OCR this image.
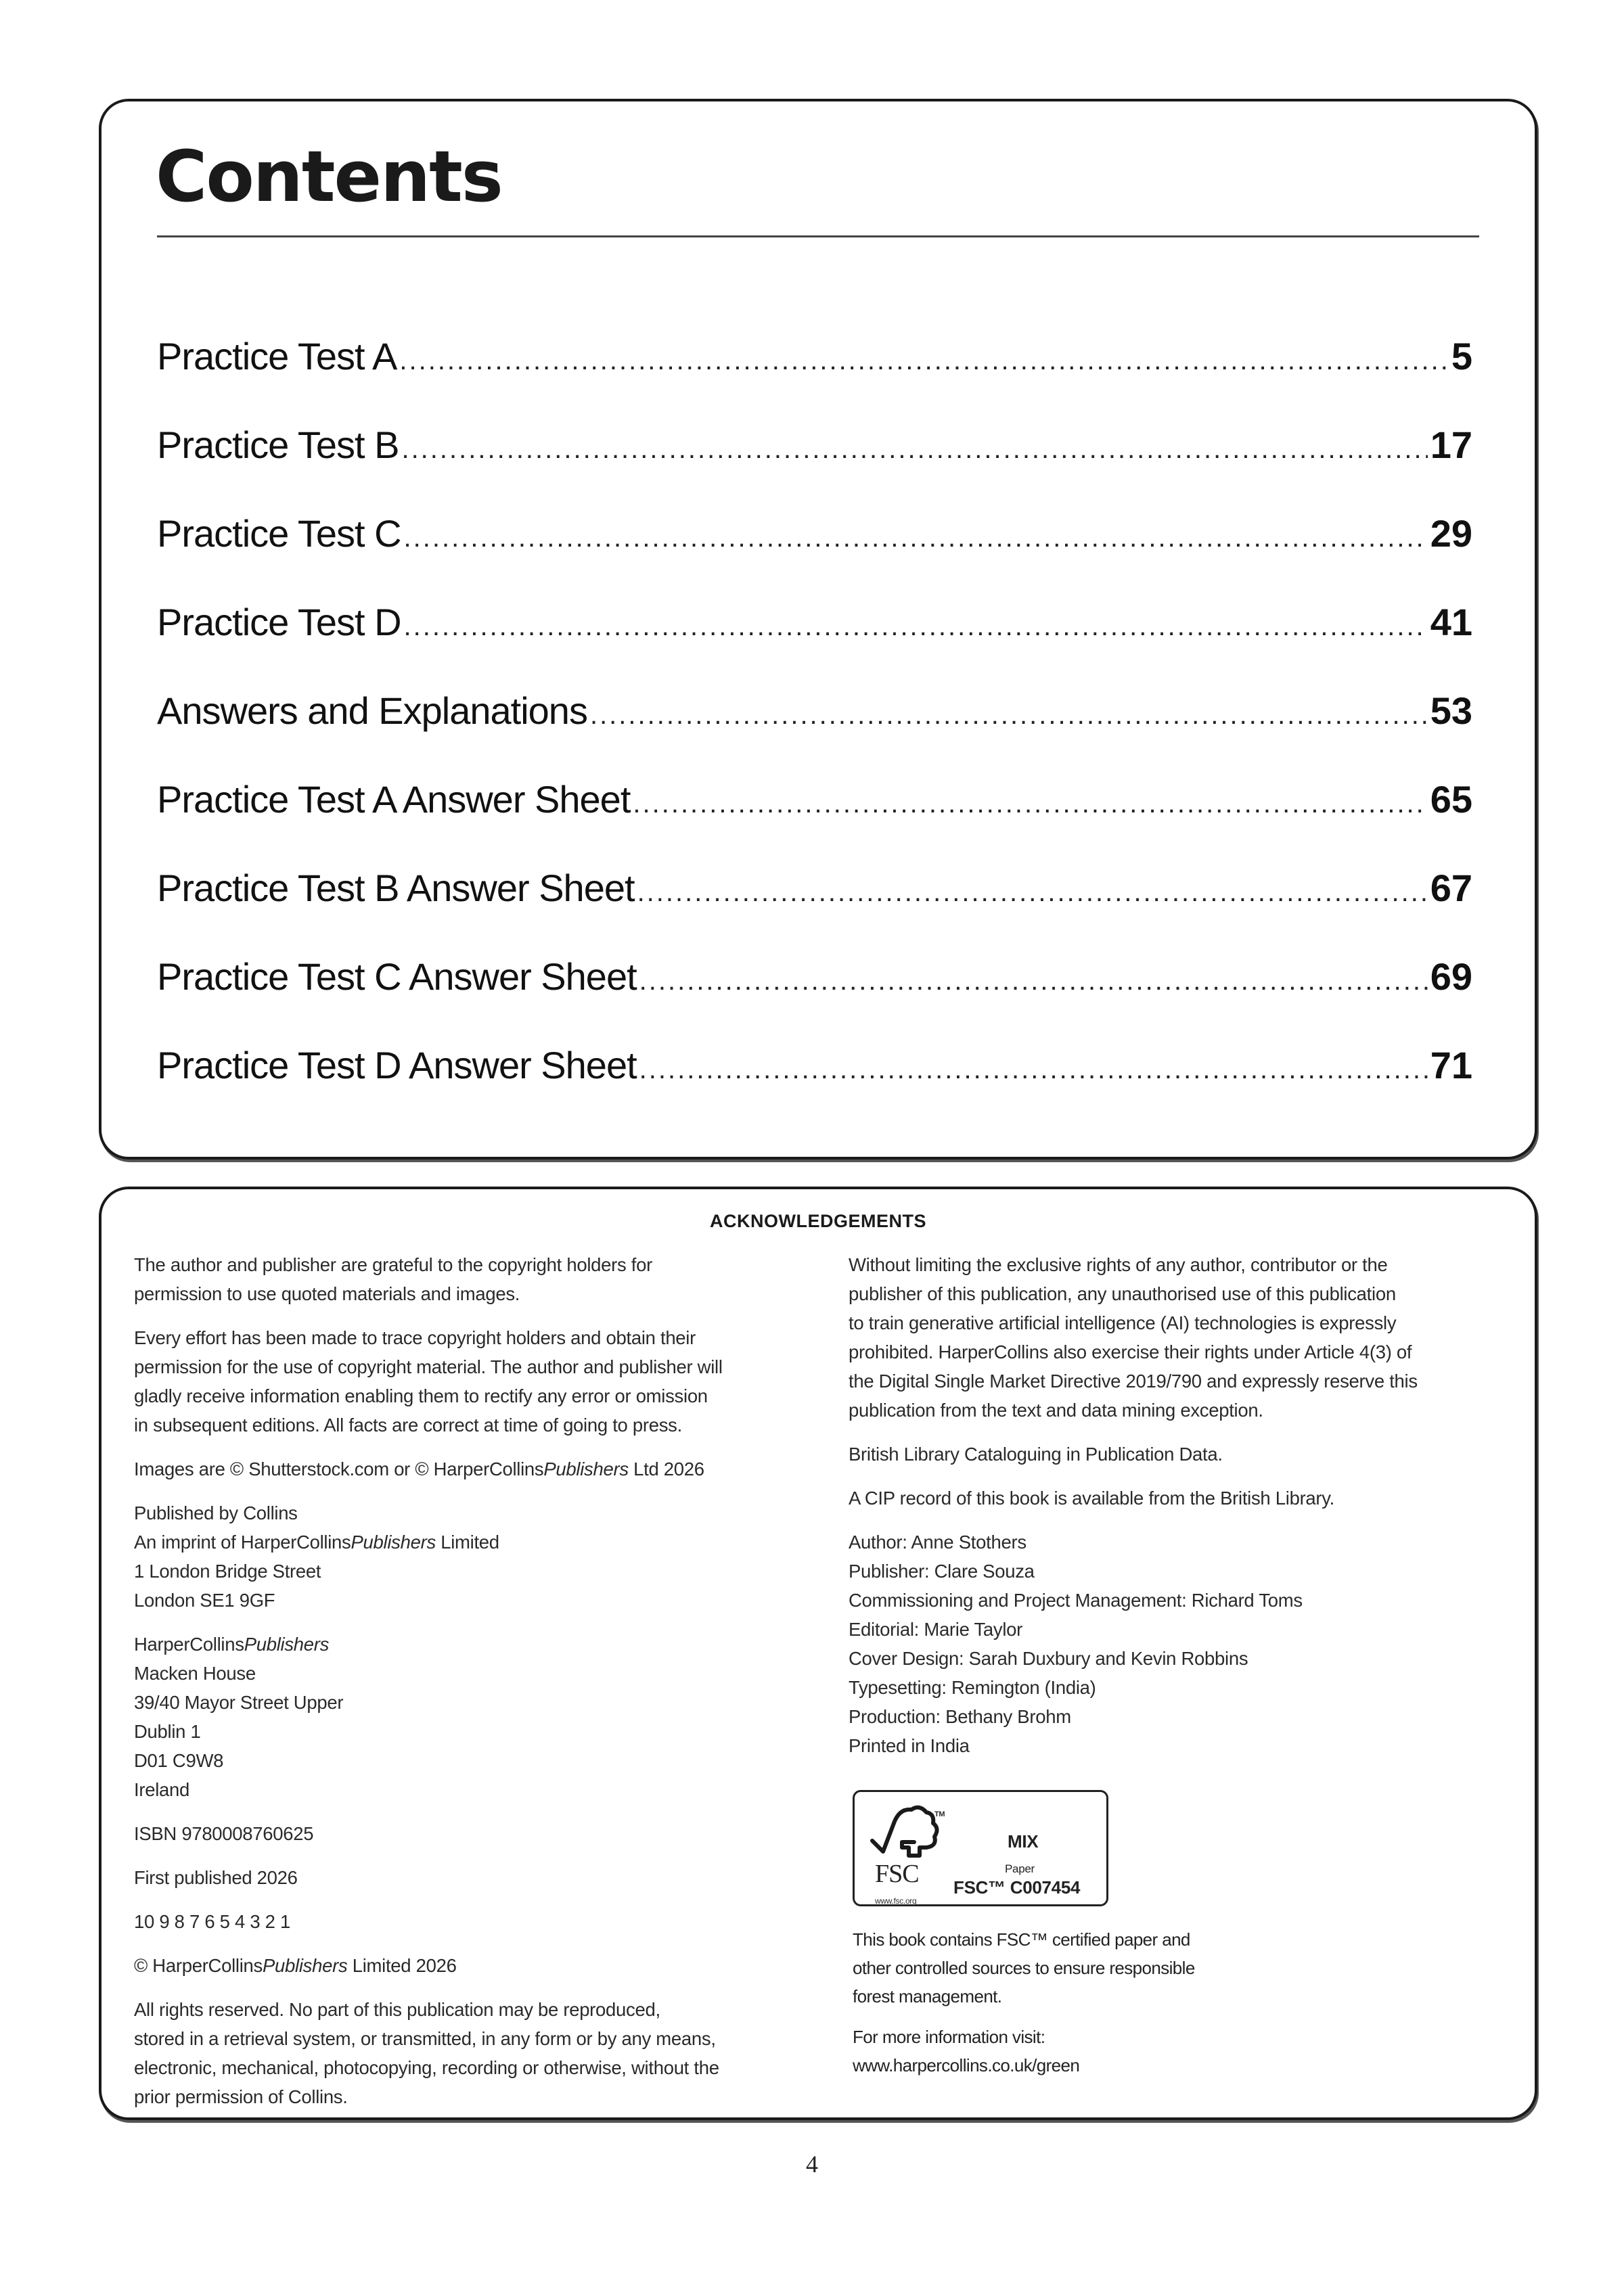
Contents
Practice Test A .....	5
Practice Test B .....	17
Practice Test C .....	29
Practice Test D .....	41
Answers and Explanations .....	53
Practice Test A Answer Sheet .....	65
Practice Test B Answer Sheet .....	67
Practice Test C Answer Sheet .....	69
Practice Test D Answer Sheet .....	71
ACKNOWLEDGEMENTS

The author and publisher are grateful to the copyright holders for
permission to use quoted materials and images.

Every effort has been made to trace copyright holders and obtain their
permission for the use of copyright material. The author and publisher will
gladly receive information enabling them to rectify any error or omission
in subsequent editions. All facts are correct at time of going to press.

Images are © Shutterstock.com or © HarperCollinsPublishers Ltd 2026

Published by Collins
An imprint of HarperCollinsPublishers Limited
1 London Bridge Street
London SE1 9GF

HarperCollinsPublishers
Macken House
39/40 Mayor Street Upper
Dublin 1
D01 C9W8
Ireland

ISBN 9780008760625

First published 2026

10 9 8 7 6 5 4 3 2 1

© HarperCollinsPublishers Limited 2026

All rights reserved. No part of this publication may be reproduced,
stored in a retrieval system, or transmitted, in any form or by any means,
electronic, mechanical, photocopying, recording or otherwise, without the
prior permission of Collins.

Without limiting the exclusive rights of any author, contributor or the
publisher of this publication, any unauthorised use of this publication
to train generative artificial intelligence (AI) technologies is expressly
prohibited. HarperCollins also exercise their rights under Article 4(3) of
the Digital Single Market Directive 2019/790 and expressly reserve this
publication from the text and data mining exception.

British Library Cataloguing in Publication Data.

A CIP record of this book is available from the British Library.

Author: Anne Stothers
Publisher: Clare Souza
Commissioning and Project Management: Richard Toms
Editorial: Marie Taylor
Cover Design: Sarah Duxbury and Kevin Robbins
Typesetting: Remington (India)
Production: Bethany Brohm
Printed in India

TM
FSC
www.fsc.org
MIX
Paper
FSC™ C007454

This book contains FSC™ certified paper and
other controlled sources to ensure responsible
forest management.

For more information visit:
www.harpercollins.co.uk/green

4
